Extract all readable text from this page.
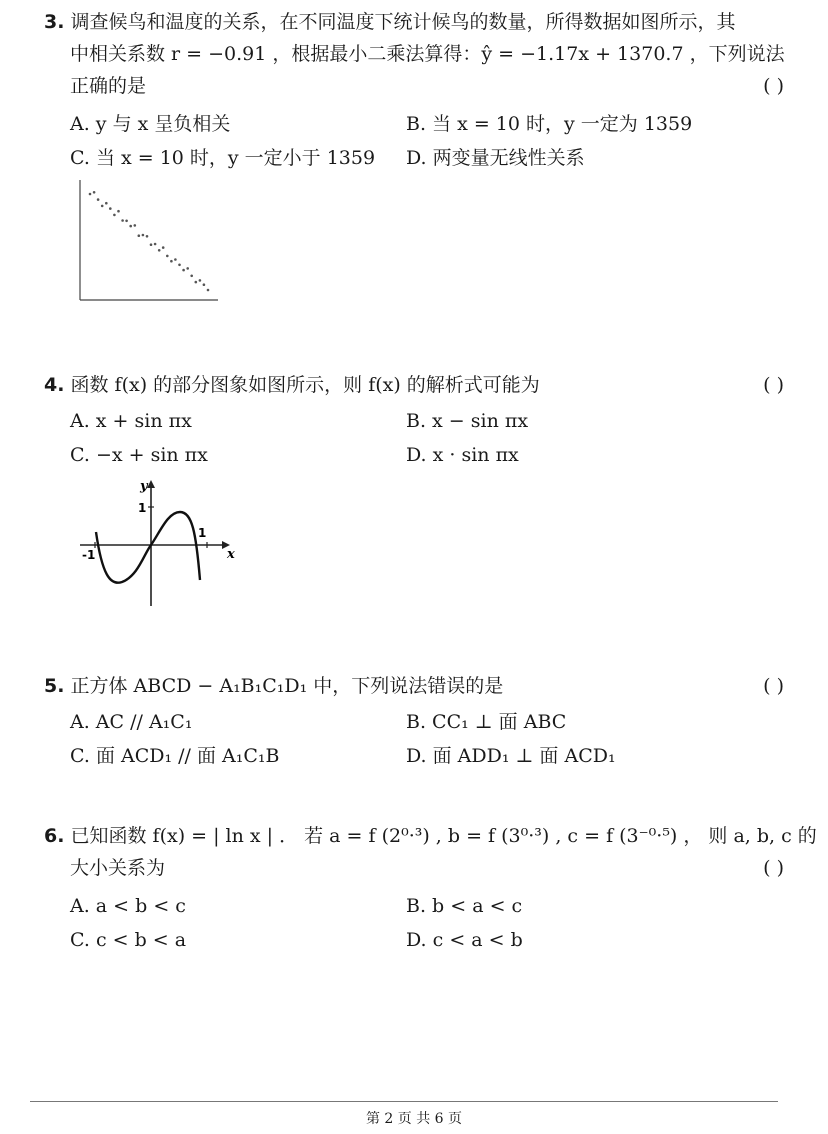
3. 调查候鸟和温度的关系，在不同温度下统计候鸟的数量，所得数据如图所示，其
中相关系数 r = −0.91 ，根据最小二乘法算得：ŷ = −1.17x + 1370.7 ，下列说法
正确的是	( )
A. y 与 x 呈负相关	B. 当 x = 10 时，y 一定为 1359
C. 当 x = 10 时，y 一定小于 1359 D. 两变量无线性关系
4. 函数 f(x) 的部分图象如图所示，则 f(x) 的解析式可能为	( )
A. x + sin πx	B. x − sin πx
C. −x + sin πx	D. x · sin πx
y
x
1
1
-1
5. 正方体 ABCD − A₁B₁C₁D₁ 中，下列说法错误的是	( )
A. AC // A₁C₁	B. CC₁ ⊥ 面 ABC
C. 面 ACD₁ // 面 A₁C₁B	D. 面 ADD₁ ⊥ 面 ACD₁
6. 已知函数 f(x) = | ln x | ． 若 a = f (2⁰·³) , b = f (3⁰·³) , c = f (3⁻⁰·⁵) ， 则 a, b, c 的
大小关系为	( )
A. a < b < c	B. b < a < c
C. c < b < a	D. c < a < b
第 2 页 共 6 页
